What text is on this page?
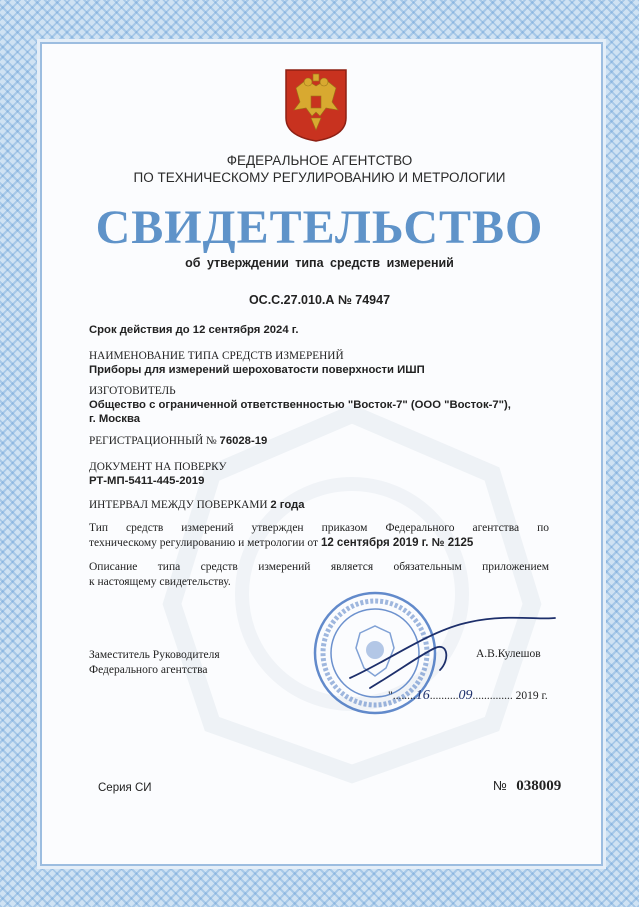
ФЕДЕРАЛЬНОЕ АГЕНТСТВО
ПО ТЕХНИЧЕСКОМУ РЕГУЛИРОВАНИЮ И МЕТРОЛОГИИ
СВИДЕТЕЛЬСТВО
об утверждении типа средств измерений
ОС.С.27.010.А № 74947
Срок действия до 12 сентября 2024 г.
НАИМЕНОВАНИЕ ТИПА СРЕДСТВ ИЗМЕРЕНИЙ
Приборы для измерений шероховатости поверхности ИШП
ИЗГОТОВИТЕЛЬ
Общество с ограниченной ответственностью "Восток-7" (ООО "Восток-7"),
г. Москва
РЕГИСТРАЦИОННЫЙ № 76028-19
ДОКУМЕНТ НА ПОВЕРКУ
РТ-МП-5411-445-2019
ИНТЕРВАЛ МЕЖДУ ПОВЕРКАМИ 2 года
Тип средств измерений утвержден приказом Федерального агентства по
техническому регулированию и метрологии от 12 сентября 2019 г. № 2125
Описание типа средств измерений является обязательным приложением
к настоящему свидетельству.
Заместитель Руководителя
Федерального агентства
А.В.Кулешов
"........16..........09.............. 2019 г.
Серия СИ	№ 038009
